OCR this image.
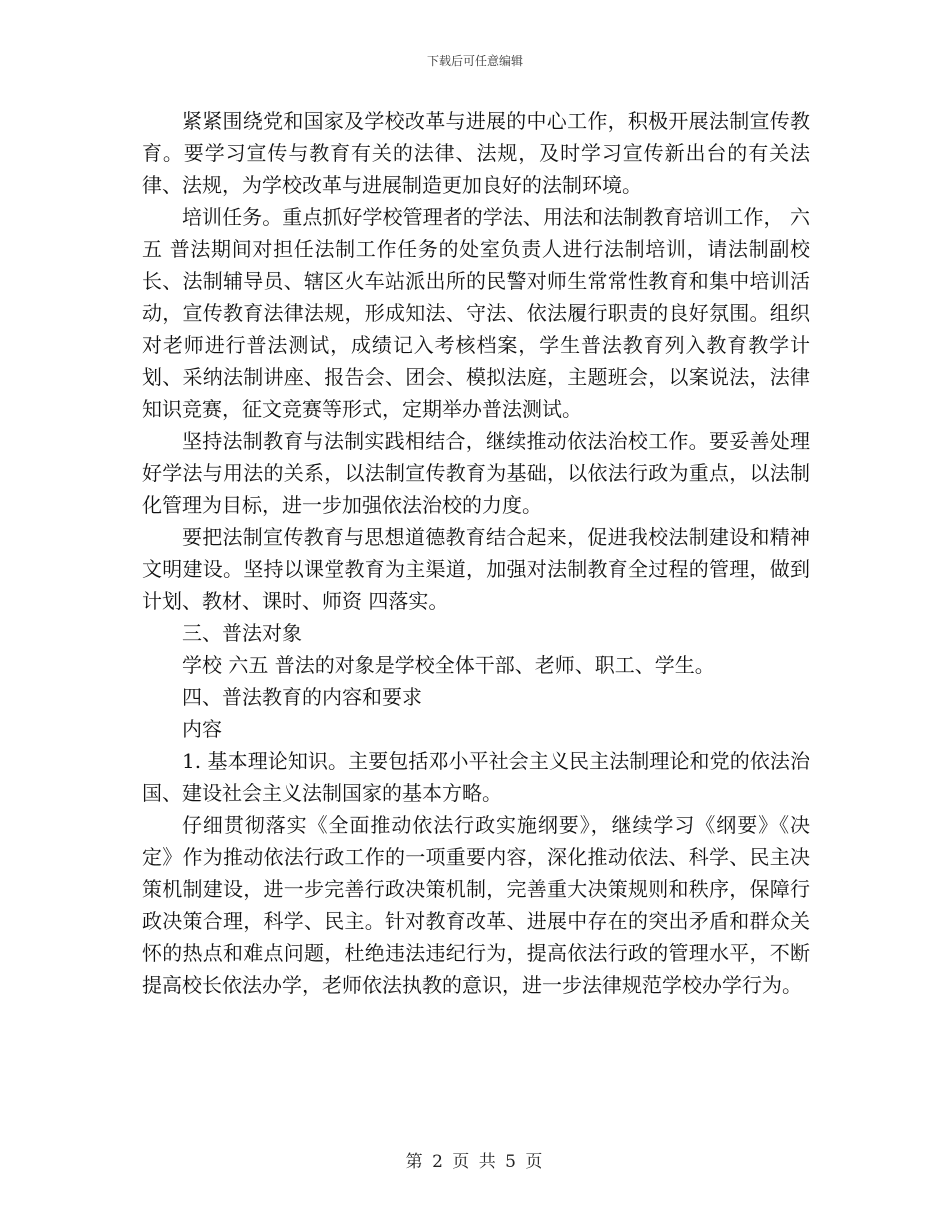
下载后可任意编辑

紧紧围绕党和国家及学校改革与进展的中心工作，积极开展法制宣传教育。要学习宣传与教育有关的法律、法规，及时学习宣传新出台的有关法律、法规，为学校改革与进展制造更加良好的法制环境。

培训任务。重点抓好学校管理者的学法、用法和法制教育培训工作， 六五 普法期间对担任法制工作任务的处室负责人进行法制培训，请法制副校长、法制辅导员、辖区火车站派出所的民警对师生常常性教育和集中培训活动，宣传教育法律法规，形成知法、守法、依法履行职责的良好氛围。组织对老师进行普法测试，成绩记入考核档案，学生普法教育列入教育教学计划、采纳法制讲座、报告会、团会、模拟法庭，主题班会，以案说法，法律知识竞赛，征文竞赛等形式，定期举办普法测试。

坚持法制教育与法制实践相结合，继续推动依法治校工作。要妥善处理好学法与用法的关系，以法制宣传教育为基础，以依法行政为重点，以法制化管理为目标，进一步加强依法治校的力度。

要把法制宣传教育与思想道德教育结合起来，促进我校法制建设和精神文明建设。坚持以课堂教育为主渠道，加强对法制教育全过程的管理，做到 计划、教材、课时、师资 四落实。

三、普法对象

学校 六五 普法的对象是学校全体干部、老师、职工、学生。

四、普法教育的内容和要求

内容

1. 基本理论知识。主要包括邓小平社会主义民主法制理论和党的依法治国、建设社会主义法制国家的基本方略。

仔细贯彻落实《全面推动依法行政实施纲要》，继续学习《纲要》《决定》作为推动依法行政工作的一项重要内容，深化推动依法、科学、民主决策机制建设，进一步完善行政决策机制，完善重大决策规则和秩序，保障行政决策合理，科学、民主。针对教育改革、进展中存在的突出矛盾和群众关怀的热点和难点问题，杜绝违法违纪行为，提高依法行政的管理水平，不断提高校长依法办学，老师依法执教的意识，进一步法律规范学校办学行为。

第 2 页 共 5 页
